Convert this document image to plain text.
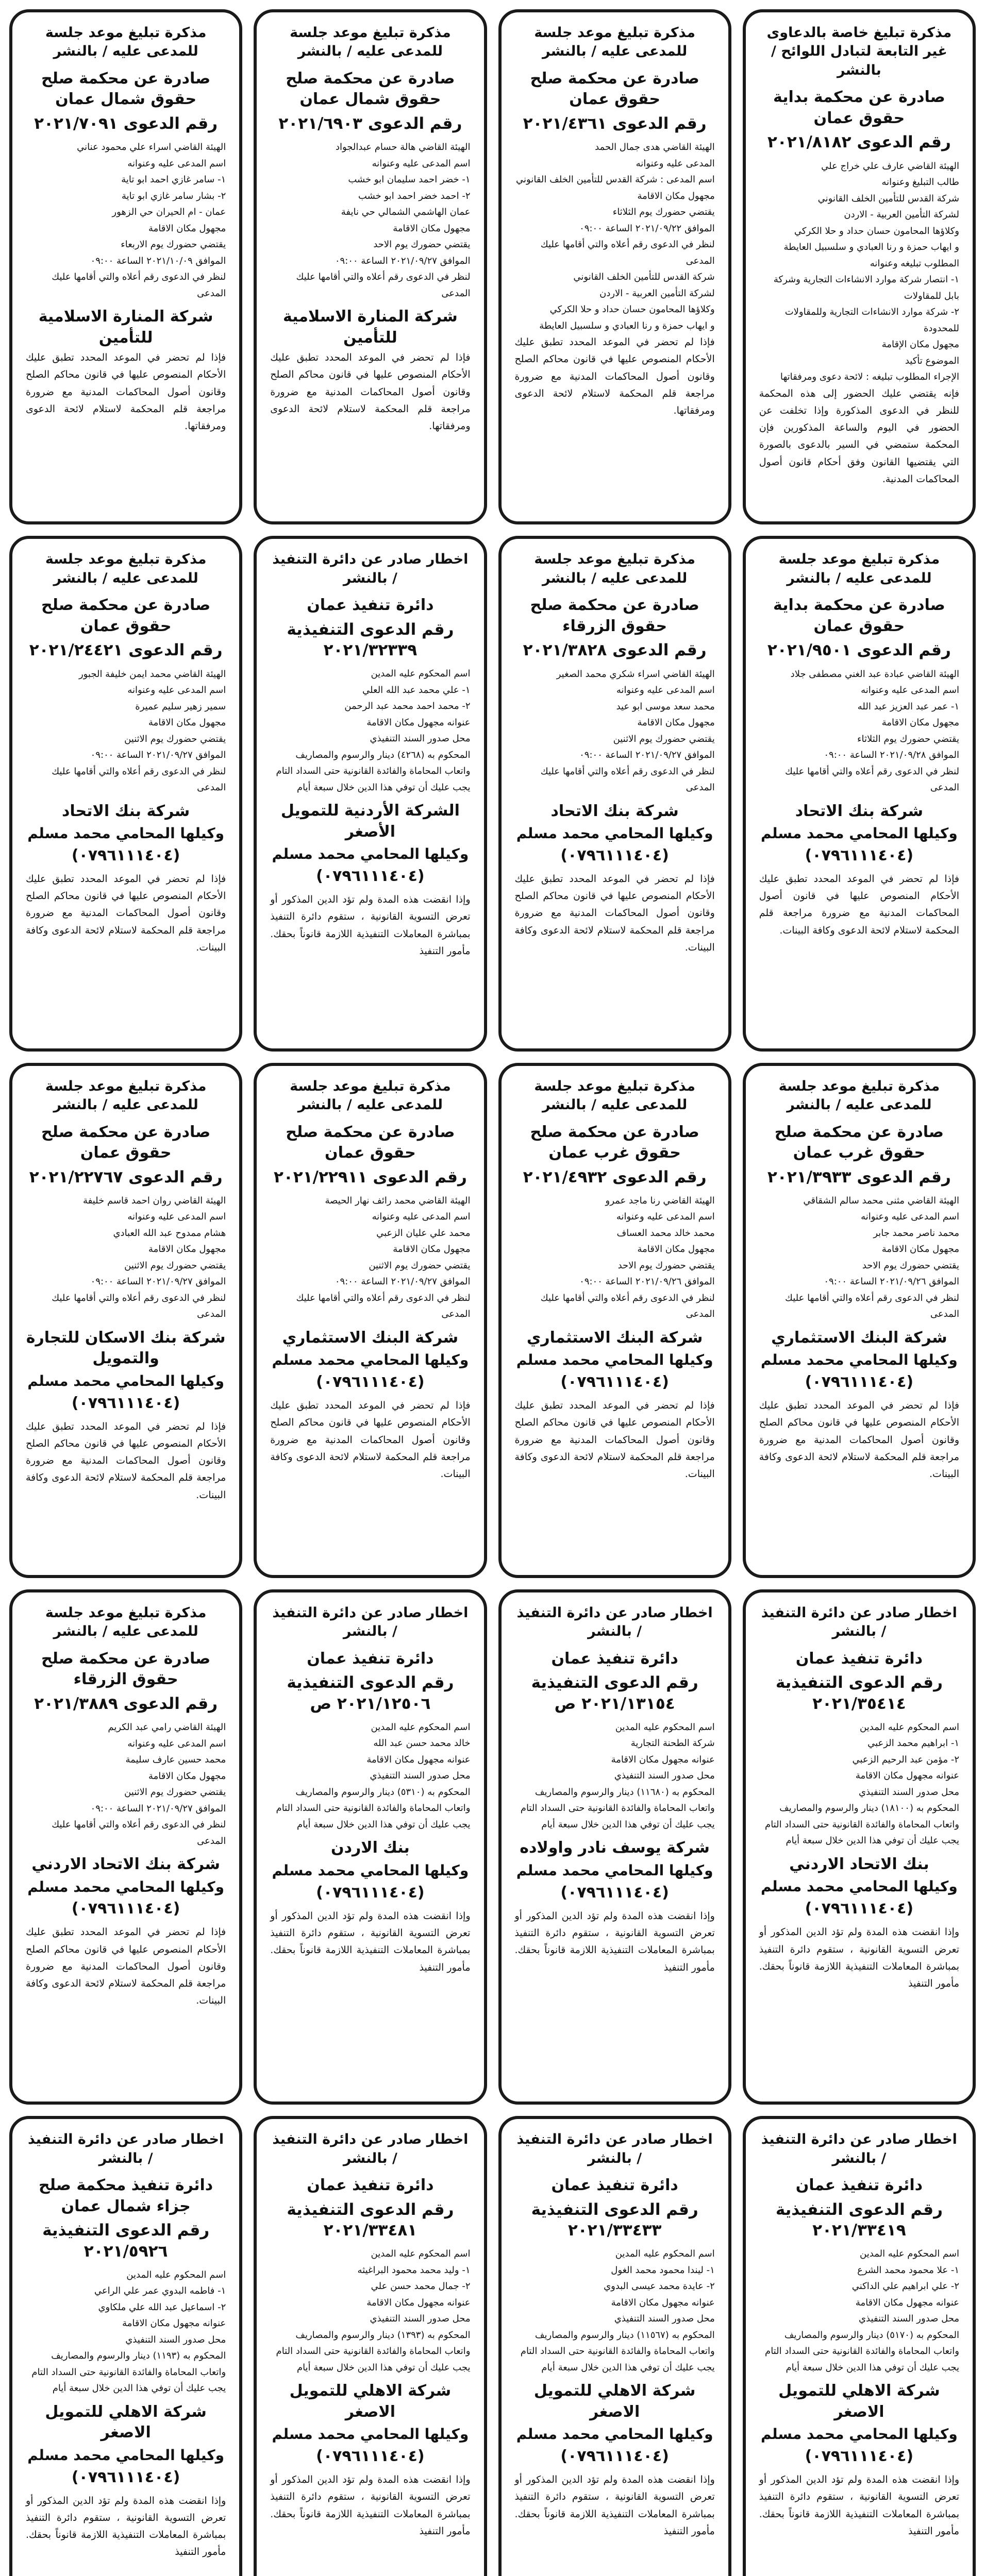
مذكرة تبليغ خاصة بالدعاوى غير التابعة لتبادل اللوائح / بالنشر
صادرة عن محكمة بداية حقوق عمان
رقم الدعوى ٢٠٢١/٨١٨٢
الهيئة القاضي عارف علي خراج علي
طالب التبليغ وعنوانه
شركة القدس للتأمين الخلف القانوني
لشركة التأمين العربية - الاردن
وكلاؤها المحامون حسان حداد و حلا الكركي
و ايهاب حمزة و رنا العبادي و سلسبيل العايطة
المطلوب تبليغه وعنوانه
١- انتصار شركة موارد الانشاءات التجارية وشركة بابل للمقاولات
٢- شركة موارد الانشاءات التجارية وللمقاولات للمحدودة
مجهول مكان الإقامة
الموضوع تأكيد
الإجراء المطلوب تبليغه : لائحة دعوى ومرفقاتها
فإنه يقتضي عليك الحضور إلى هذه المحكمة للنظر في الدعوى المذكورة وإذا تخلفت عن الحضور في اليوم والساعة المذكورين فإن المحكمة ستمضي في السير بالدعوى بالصورة التي يقتضيها القانون وفق أحكام قانون أصول المحاكمات المدنية.
مذكرة تبليغ موعد جلسة للمدعى عليه / بالنشر
صادرة عن محكمة صلح حقوق عمان
رقم الدعوى ٢٠٢١/٤٣٦١
الهيئة القاضي هدى جمال الحمد
المدعى عليه وعنوانه
اسم المدعى : شركة القدس للتأمين الخلف القانوني
مجهول مكان الاقامة
يقتضي حضورك يوم الثلاثاء
الموافق ٢٠٢١/٠٩/٢٢ الساعة ٠٩:٠٠
لنظر في الدعوى رقم أعلاه والتي أقامها عليك المدعى
شركة القدس للتأمين الخلف القانوني
لشركة التأمين العربية - الاردن
وكلاؤها المحامون حسان حداد و حلا الكركي
و ايهاب حمزة و رنا العبادي و سلسبيل العايطة
فإذا لم تحضر في الموعد المحدد تطبق عليك الأحكام المنصوص عليها في قانون محاكم الصلح وقانون أصول المحاكمات المدنية مع ضرورة مراجعة قلم المحكمة لاستلام لائحة الدعوى ومرفقاتها.
مذكرة تبليغ موعد جلسة للمدعى عليه / بالنشر
صادرة عن محكمة صلح حقوق شمال عمان
رقم الدعوى ٢٠٢١/٦٩٠٣
الهيئة القاضي هالة حسام عبدالجواد
اسم المدعى عليه وعنوانه
١- خضر احمد سليمان ابو خشب
٢- احمد خضر احمد ابو خشب
عمان الهاشمي الشمالي حي نايفة
مجهول مكان الاقامة
يقتضي حضورك يوم الاحد
الموافق ٢٠٢١/٠٩/٢٧ الساعة ٠٩:٠٠
لنظر في الدعوى رقم أعلاه والتي أقامها عليك المدعى
شركة المنارة الاسلامية للتأمين
فإذا لم تحضر في الموعد المحدد تطبق عليك الأحكام المنصوص عليها في قانون محاكم الصلح وقانون أصول المحاكمات المدنية مع ضرورة مراجعة قلم المحكمة لاستلام لائحة الدعوى ومرفقاتها.
مذكرة تبليغ موعد جلسة للمدعى عليه / بالنشر
صادرة عن محكمة صلح حقوق شمال عمان
رقم الدعوى ٢٠٢١/٧٠٩١
الهيئة القاضي اسراء علي محمود عناني
اسم المدعى عليه وعنوانه
١- سامر غازي احمد ابو تاية
٢- بشار سامر غازي ابو تاية
عمان - ام الحيران حي الزهور
مجهول مكان الاقامة
يقتضي حضورك يوم الاربعاء
الموافق ٢٠٢١/١٠/٠٩ الساعة ٠٩:٠٠
لنظر في الدعوى رقم أعلاه والتي أقامها عليك المدعى
شركة المنارة الاسلامية للتأمين
فإذا لم تحضر في الموعد المحدد تطبق عليك الأحكام المنصوص عليها في قانون محاكم الصلح وقانون أصول المحاكمات المدنية مع ضرورة مراجعة قلم المحكمة لاستلام لائحة الدعوى ومرفقاتها.
مذكرة تبليغ موعد جلسة للمدعى عليه / بالنشر
صادرة عن محكمة بداية حقوق عمان
رقم الدعوى ٢٠٢١/٩٥٠١
الهيئة القاضي عبادة عبد الغني مصطفى جلاد
اسم المدعى عليه وعنوانه
١- عمر عبد العزيز عبد الله
مجهول مكان الاقامة
يقتضي حضورك يوم الثلاثاء
الموافق ٢٠٢١/٠٩/٢٨ الساعة ٠٩:٠٠
لنظر في الدعوى رقم أعلاه والتي أقامها عليك المدعى
شركة بنك الاتحاد
وكيلها المحامي محمد مسلم
(٠٧٩٦١١١٤٠٤)
فإذا لم تحضر في الموعد المحدد تطبق عليك الأحكام المنصوص عليها في قانون أصول المحاكمات المدنية مع ضرورة مراجعة قلم المحكمة لاستلام لائحة الدعوى وكافة البينات.
مذكرة تبليغ موعد جلسة للمدعى عليه / بالنشر
صادرة عن محكمة صلح حقوق الزرقاء
رقم الدعوى ٢٠٢١/٣٨٢٨
الهيئة القاضي اسراء شكري محمد الصغير
اسم المدعى عليه وعنوانه
محمد سعد موسى ابو عيد
مجهول مكان الاقامة
يقتضي حضورك يوم الاثنين
الموافق ٢٠٢١/٠٩/٢٧ الساعة ٠٩:٠٠
لنظر في الدعوى رقم أعلاه والتي أقامها عليك المدعى
شركة بنك الاتحاد
وكيلها المحامي محمد مسلم
(٠٧٩٦١١١٤٠٤)
فإذا لم تحضر في الموعد المحدد تطبق عليك الأحكام المنصوص عليها في قانون محاكم الصلح وقانون أصول المحاكمات المدنية مع ضرورة مراجعة قلم المحكمة لاستلام لائحة الدعوى وكافة البينات.
اخطار صادر عن دائرة التنفيذ / بالنشر
دائرة تنفيذ عمان
رقم الدعوى التنفيذية ٢٠٢١/٣٢٣٣٩
اسم المحكوم عليه المدين
١- علي محمد عبد الله العلي
٢- محمد احمد محمد عبد الرحمن
عنوانه مجهول مكان الاقامة
محل صدور السند التنفيذي
المحكوم به (٤٢٦٨) دينار والرسوم والمصاريف
واتعاب المحاماة والفائدة القانونية حتى السداد التام
يجب عليك أن توفي هذا الدين خلال سبعة أيام
الشركة الأردنية للتمويل الأصغر
وكيلها المحامي محمد مسلم
(٠٧٩٦١١١٤٠٤)
وإذا انقضت هذه المدة ولم تؤد الدين المذكور أو تعرض التسوية القانونية ، ستقوم دائرة التنفيذ بمباشرة المعاملات التنفيذية اللازمة قانوناً بحقك. مأمور التنفيذ
مذكرة تبليغ موعد جلسة للمدعى عليه / بالنشر
صادرة عن محكمة صلح حقوق عمان
رقم الدعوى ٢٠٢١/٢٤٤٢١
الهيئة القاضي محمد ايمن خليفة الجبور
اسم المدعى عليه وعنوانه
سمير زهير سليم عميرة
مجهول مكان الاقامة
يقتضي حضورك يوم الاثنين
الموافق ٢٠٢١/٠٩/٢٧ الساعة ٠٩:٠٠
لنظر في الدعوى رقم أعلاه والتي أقامها عليك المدعى
شركة بنك الاتحاد
وكيلها المحامي محمد مسلم
(٠٧٩٦١١١٤٠٤)
فإذا لم تحضر في الموعد المحدد تطبق عليك الأحكام المنصوص عليها في قانون محاكم الصلح وقانون أصول المحاكمات المدنية مع ضرورة مراجعة قلم المحكمة لاستلام لائحة الدعوى وكافة البينات.
مذكرة تبليغ موعد جلسة للمدعى عليه / بالنشر
صادرة عن محكمة صلح حقوق غرب عمان
رقم الدعوى ٢٠٢١/٣٩٣٣
الهيئة القاضي مثنى محمد سالم الشقاقي
اسم المدعى عليه وعنوانه
محمد ناصر محمد جابر
مجهول مكان الاقامة
يقتضي حضورك يوم الاحد
الموافق ٢٠٢١/٠٩/٢٦ الساعة ٠٩:٠٠
لنظر في الدعوى رقم أعلاه والتي أقامها عليك المدعى
شركة البنك الاستثماري
وكيلها المحامي محمد مسلم
(٠٧٩٦١١١٤٠٤)
فإذا لم تحضر في الموعد المحدد تطبق عليك الأحكام المنصوص عليها في قانون محاكم الصلح وقانون أصول المحاكمات المدنية مع ضرورة مراجعة قلم المحكمة لاستلام لائحة الدعوى وكافة البينات.
مذكرة تبليغ موعد جلسة للمدعى عليه / بالنشر
صادرة عن محكمة صلح حقوق غرب عمان
رقم الدعوى ٢٠٢١/٤٩٣٢
الهيئة القاضي رنا ماجد عمرو
اسم المدعى عليه وعنوانه
محمد خالد محمد العساف
مجهول مكان الاقامة
يقتضي حضورك يوم الاحد
الموافق ٢٠٢١/٠٩/٢٦ الساعة ٠٩:٠٠
لنظر في الدعوى رقم أعلاه والتي أقامها عليك المدعى
شركة البنك الاستثماري
وكيلها المحامي محمد مسلم
(٠٧٩٦١١١٤٠٤)
فإذا لم تحضر في الموعد المحدد تطبق عليك الأحكام المنصوص عليها في قانون محاكم الصلح وقانون أصول المحاكمات المدنية مع ضرورة مراجعة قلم المحكمة لاستلام لائحة الدعوى وكافة البينات.
مذكرة تبليغ موعد جلسة للمدعى عليه / بالنشر
صادرة عن محكمة صلح حقوق عمان
رقم الدعوى ٢٠٢١/٢٢٩١١
الهيئة القاضي محمد رائف نهار الحيصة
اسم المدعى عليه وعنوانه
محمد علي عليان الزعبي
مجهول مكان الاقامة
يقتضي حضورك يوم الاثنين
الموافق ٢٠٢١/٠٩/٢٧ الساعة ٠٩:٠٠
لنظر في الدعوى رقم أعلاه والتي أقامها عليك المدعى
شركة البنك الاستثماري
وكيلها المحامي محمد مسلم
(٠٧٩٦١١١٤٠٤)
فإذا لم تحضر في الموعد المحدد تطبق عليك الأحكام المنصوص عليها في قانون محاكم الصلح وقانون أصول المحاكمات المدنية مع ضرورة مراجعة قلم المحكمة لاستلام لائحة الدعوى وكافة البينات.
مذكرة تبليغ موعد جلسة للمدعى عليه / بالنشر
صادرة عن محكمة صلح حقوق عمان
رقم الدعوى ٢٠٢١/٢٢٧٦٧
الهيئة القاضي روان احمد قاسم خليفة
اسم المدعى عليه وعنوانه
هشام ممدوح عبد الله العبادي
مجهول مكان الاقامة
يقتضي حضورك يوم الاثنين
الموافق ٢٠٢١/٠٩/٢٧ الساعة ٠٩:٠٠
لنظر في الدعوى رقم أعلاه والتي أقامها عليك المدعى
شركة بنك الاسكان للتجارة والتمويل
وكيلها المحامي محمد مسلم
(٠٧٩٦١١١٤٠٤)
فإذا لم تحضر في الموعد المحدد تطبق عليك الأحكام المنصوص عليها في قانون محاكم الصلح وقانون أصول المحاكمات المدنية مع ضرورة مراجعة قلم المحكمة لاستلام لائحة الدعوى وكافة البينات.
اخطار صادر عن دائرة التنفيذ / بالنشر
دائرة تنفيذ عمان
رقم الدعوى التنفيذية ٢٠٢١/٣٥٤١٤
اسم المحكوم عليه المدين
١- ابراهيم محمد الزعبي
٢- مؤمن عبد الرحيم الزعبي
عنوانه مجهول مكان الاقامة
محل صدور السند التنفيذي
المحكوم به (١٨١٠٠) دينار والرسوم والمصاريف
واتعاب المحاماة والفائدة القانونية حتى السداد التام
يجب عليك أن توفي هذا الدين خلال سبعة أيام
بنك الاتحاد الاردني
وكيلها المحامي محمد مسلم
(٠٧٩٦١١١٤٠٤)
وإذا انقضت هذه المدة ولم تؤد الدين المذكور أو تعرض التسوية القانونية ، ستقوم دائرة التنفيذ بمباشرة المعاملات التنفيذية اللازمة قانوناً بحقك. مأمور التنفيذ
اخطار صادر عن دائرة التنفيذ / بالنشر
دائرة تنفيذ عمان
رقم الدعوى التنفيذية ٢٠٢١/١٣١٥٤ ص
اسم المحكوم عليه المدين
شركة الطحنة التجارية
عنوانه مجهول مكان الاقامة
محل صدور السند التنفيذي
المحكوم به (١١٦٨٠) دينار والرسوم والمصاريف
واتعاب المحاماة والفائدة القانونية حتى السداد التام
يجب عليك أن توفي هذا الدين خلال سبعة أيام
شركة يوسف نادر واولاده
وكيلها المحامي محمد مسلم
(٠٧٩٦١١١٤٠٤)
وإذا انقضت هذه المدة ولم تؤد الدين المذكور أو تعرض التسوية القانونية ، ستقوم دائرة التنفيذ بمباشرة المعاملات التنفيذية اللازمة قانوناً بحقك. مأمور التنفيذ
اخطار صادر عن دائرة التنفيذ / بالنشر
دائرة تنفيذ عمان
رقم الدعوى التنفيذية ٢٠٢١/١٢٥٠٦ ص
اسم المحكوم عليه المدين
خالد محمد حسن عبد الله
عنوانه مجهول مكان الاقامة
محل صدور السند التنفيذي
المحكوم به (٥٣١٠) دينار والرسوم والمصاريف
واتعاب المحاماة والفائدة القانونية حتى السداد التام
يجب عليك أن توفي هذا الدين خلال سبعة أيام
بنك الاردن
وكيلها المحامي محمد مسلم
(٠٧٩٦١١١٤٠٤)
وإذا انقضت هذه المدة ولم تؤد الدين المذكور أو تعرض التسوية القانونية ، ستقوم دائرة التنفيذ بمباشرة المعاملات التنفيذية اللازمة قانوناً بحقك. مأمور التنفيذ
مذكرة تبليغ موعد جلسة للمدعى عليه / بالنشر
صادرة عن محكمة صلح حقوق الزرقاء
رقم الدعوى ٢٠٢١/٣٨٨٩
الهيئة القاضي رامي عبد الكريم
اسم المدعى عليه وعنوانه
محمد حسين عارف سليمة
مجهول مكان الاقامة
يقتضي حضورك يوم الاثنين
الموافق ٢٠٢١/٠٩/٢٧ الساعة ٠٩:٠٠
لنظر في الدعوى رقم أعلاه والتي أقامها عليك المدعى
شركة بنك الاتحاد الاردني
وكيلها المحامي محمد مسلم
(٠٧٩٦١١١٤٠٤)
فإذا لم تحضر في الموعد المحدد تطبق عليك الأحكام المنصوص عليها في قانون محاكم الصلح وقانون أصول المحاكمات المدنية مع ضرورة مراجعة قلم المحكمة لاستلام لائحة الدعوى وكافة البينات.
اخطار صادر عن دائرة التنفيذ / بالنشر
دائرة تنفيذ عمان
رقم الدعوى التنفيذية ٢٠٢١/٣٣٤١٩
اسم المحكوم عليه المدين
١- علا محمود محمد الشرع
٢- علي ابراهيم علي الداكني
عنوانه مجهول مكان الاقامة
محل صدور السند التنفيذي
المحكوم به (٥١٧٠) دينار والرسوم والمصاريف
واتعاب المحاماة والفائدة القانونية حتى السداد التام
يجب عليك أن توفي هذا الدين خلال سبعة أيام
شركة الاهلي للتمويل الاصغر
وكيلها المحامي محمد مسلم
(٠٧٩٦١١١٤٠٤)
وإذا انقضت هذه المدة ولم تؤد الدين المذكور أو تعرض التسوية القانونية ، ستقوم دائرة التنفيذ بمباشرة المعاملات التنفيذية اللازمة قانوناً بحقك. مأمور التنفيذ
اخطار صادر عن دائرة التنفيذ / بالنشر
دائرة تنفيذ عمان
رقم الدعوى التنفيذية ٢٠٢١/٣٣٤٣٣
اسم المحكوم عليه المدين
١- ليندا محمود محمد الغول
٢- عايدة محمد عيسى البدوي
عنوانه مجهول مكان الاقامة
محل صدور السند التنفيذي
المحكوم به (١١٥٦٧) دينار والرسوم والمصاريف
واتعاب المحاماة والفائدة القانونية حتى السداد التام
يجب عليك أن توفي هذا الدين خلال سبعة أيام
شركة الاهلي للتمويل الاصغر
وكيلها المحامي محمد مسلم
(٠٧٩٦١١١٤٠٤)
وإذا انقضت هذه المدة ولم تؤد الدين المذكور أو تعرض التسوية القانونية ، ستقوم دائرة التنفيذ بمباشرة المعاملات التنفيذية اللازمة قانوناً بحقك. مأمور التنفيذ
اخطار صادر عن دائرة التنفيذ / بالنشر
دائرة تنفيذ عمان
رقم الدعوى التنفيذية ٢٠٢١/٣٣٤٨١
اسم المحكوم عليه المدين
١- وليد محمد محمود البراغيثه
٢- جمال محمد حسن علي
عنوانه مجهول مكان الاقامة
محل صدور السند التنفيذي
المحكوم به (١٣٩٣) دينار والرسوم والمصاريف
واتعاب المحاماة والفائدة القانونية حتى السداد التام
يجب عليك أن توفي هذا الدين خلال سبعة أيام
شركة الاهلي للتمويل الاصغر
وكيلها المحامي محمد مسلم
(٠٧٩٦١١١٤٠٤)
وإذا انقضت هذه المدة ولم تؤد الدين المذكور أو تعرض التسوية القانونية ، ستقوم دائرة التنفيذ بمباشرة المعاملات التنفيذية اللازمة قانوناً بحقك. مأمور التنفيذ
اخطار صادر عن دائرة التنفيذ / بالنشر
دائرة تنفيذ محكمة صلح جزاء شمال عمان
رقم الدعوى التنفيذية ٢٠٢١/٥٩٢٦
اسم المحكوم عليه المدين
١- فاطمه البدوي عمر علي الراعي
٢- اسماعيل عبد الله علي ملكاوي
عنوانه مجهول مكان الاقامة
محل صدور السند التنفيذي
المحكوم به (١١٩٣) دينار والرسوم والمصاريف
واتعاب المحاماة والفائدة القانونية حتى السداد التام
يجب عليك أن توفي هذا الدين خلال سبعة أيام
شركة الاهلي للتمويل الاصغر
وكيلها المحامي محمد مسلم
(٠٧٩٦١١١٤٠٤)
وإذا انقضت هذه المدة ولم تؤد الدين المذكور أو تعرض التسوية القانونية ، ستقوم دائرة التنفيذ بمباشرة المعاملات التنفيذية اللازمة قانوناً بحقك. مأمور التنفيذ
